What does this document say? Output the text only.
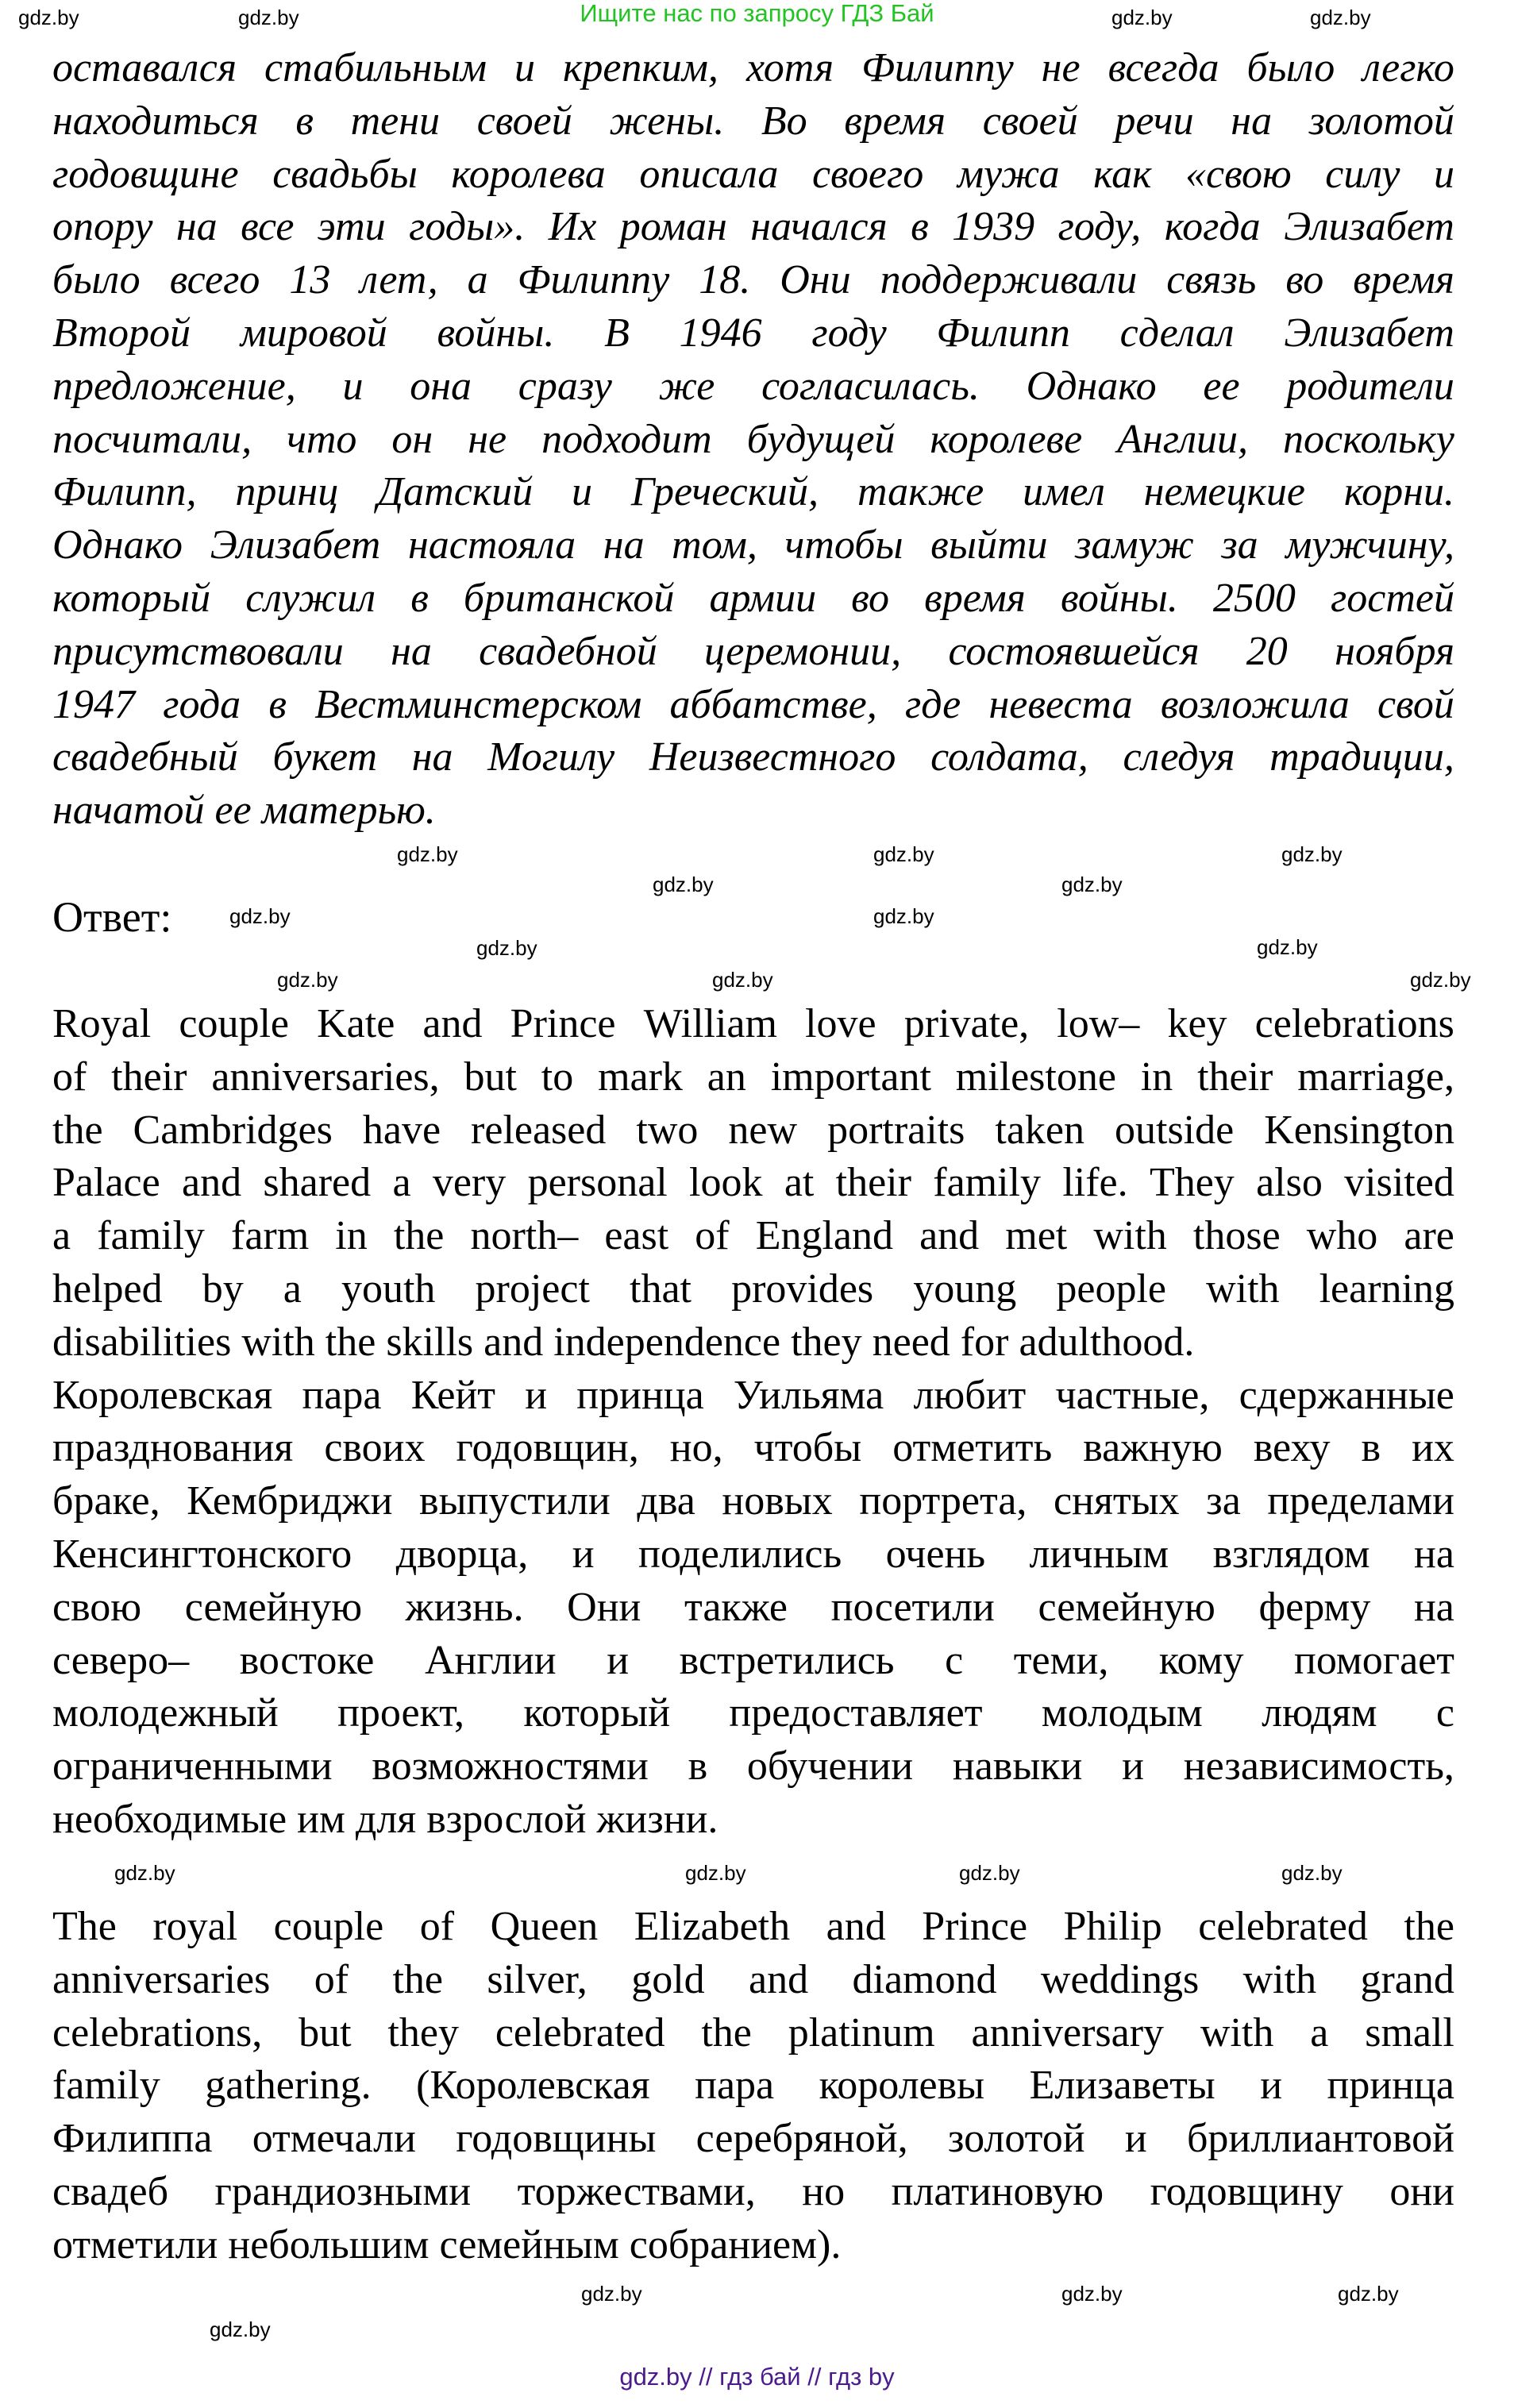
Ищите нас по запросу ГДЗ Бай
оставался стабильным и крепким, хотя Филиппу не всегда было легко
находиться в тени своей жены. Во время своей речи на золотой
годовщине свадьбы королева описала своего мужа как «свою силу и
опору на все эти годы». Их роман начался в 1939 году, когда Элизабет
было всего 13 лет, а Филиппу 18. Они поддерживали связь во время
Второй мировой войны. В 1946 году Филипп сделал Элизабет
предложение, и она сразу же согласилась. Однако ее родители
посчитали, что он не подходит будущей королеве Англии, поскольку
Филипп, принц Датский и Греческий, также имел немецкие корни.
Однако Элизабет настояла на том, чтобы выйти замуж за мужчину,
который служил в британской армии во время войны. 2500 гостей
присутствовали на свадебной церемонии, состоявшейся 20 ноября
1947 года в Вестминстерском аббатстве, где невеста возложила свой
свадебный букет на Могилу Неизвестного солдата, следуя традиции,
начатой ее матерью.
Ответ:
Royal couple Kate and Prince William love private, low– key celebrations
of their anniversaries, but to mark an important milestone in their marriage,
the Cambridges have released two new portraits taken outside Kensington
Palace and shared a very personal look at their family life. They also visited
a family farm in the north– east of England and met with those who are
helped by a youth project that provides young people with learning
disabilities with the skills and independence they need for adulthood.
Королевская пара Кейт и принца Уильяма любит частные, сдержанные
празднования своих годовщин, но, чтобы отметить важную веху в их
браке, Кембриджи выпустили два новых портрета, снятых за пределами
Кенсингтонского дворца, и поделились очень личным взглядом на
свою семейную жизнь. Они также посетили семейную ферму на
северо– востоке Англии и встретились с теми, кому помогает
молодежный проект, который предоставляет молодым людям с
ограниченными возможностями в обучении навыки и независимость,
необходимые им для взрослой жизни.
The royal couple of Queen Elizabeth and Prince Philip celebrated the
anniversaries of the silver, gold and diamond weddings with grand
celebrations, but they celebrated the platinum anniversary with a small
family gathering. (Королевская пара королевы Елизаветы и принца
Филиппа отмечали годовщины серебряной, золотой и бриллиантовой
свадеб грандиозными торжествами, но платиновую годовщину они
отметили небольшим семейным собранием).
gdz.by	gdz.by	gdz.by	gdz.by
gdz.by	gdz.by	gdz.by
gdz.by	gdz.by
gdz.by
gdz.by
gdz.by
gdz.by
gdz.by
gdz.by
gdz.by
gdz.by
gdz.by
gdz.by	gdz.by
gdz.by
gdz.by
gdz.by
gdz.by
gdz.by // гдз бай // гдз by
